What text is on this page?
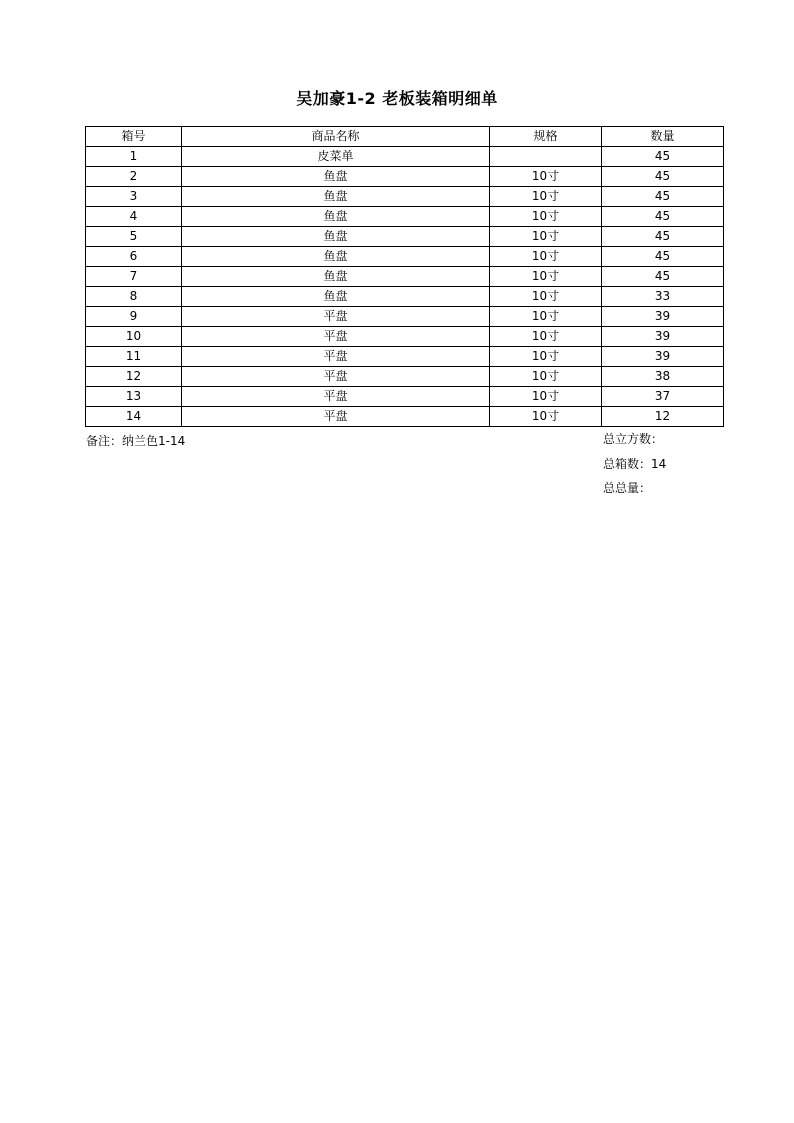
吴加豪1-2 老板装箱明细单
箱号	商品名称	规格	数量
1	皮菜单		45
2	鱼盘	10寸	45
3	鱼盘	10寸	45
4	鱼盘	10寸	45
5	鱼盘	10寸	45
6	鱼盘	10寸	45
7	鱼盘	10寸	45
8	鱼盘	10寸	33
9	平盘	10寸	39
10	平盘	10寸	39
11	平盘	10寸	39
12	平盘	10寸	38
13	平盘	10寸	37
14	平盘	10寸	12
备注：纳兰色1-14	总立方数：
总箱数：14
总总量：
